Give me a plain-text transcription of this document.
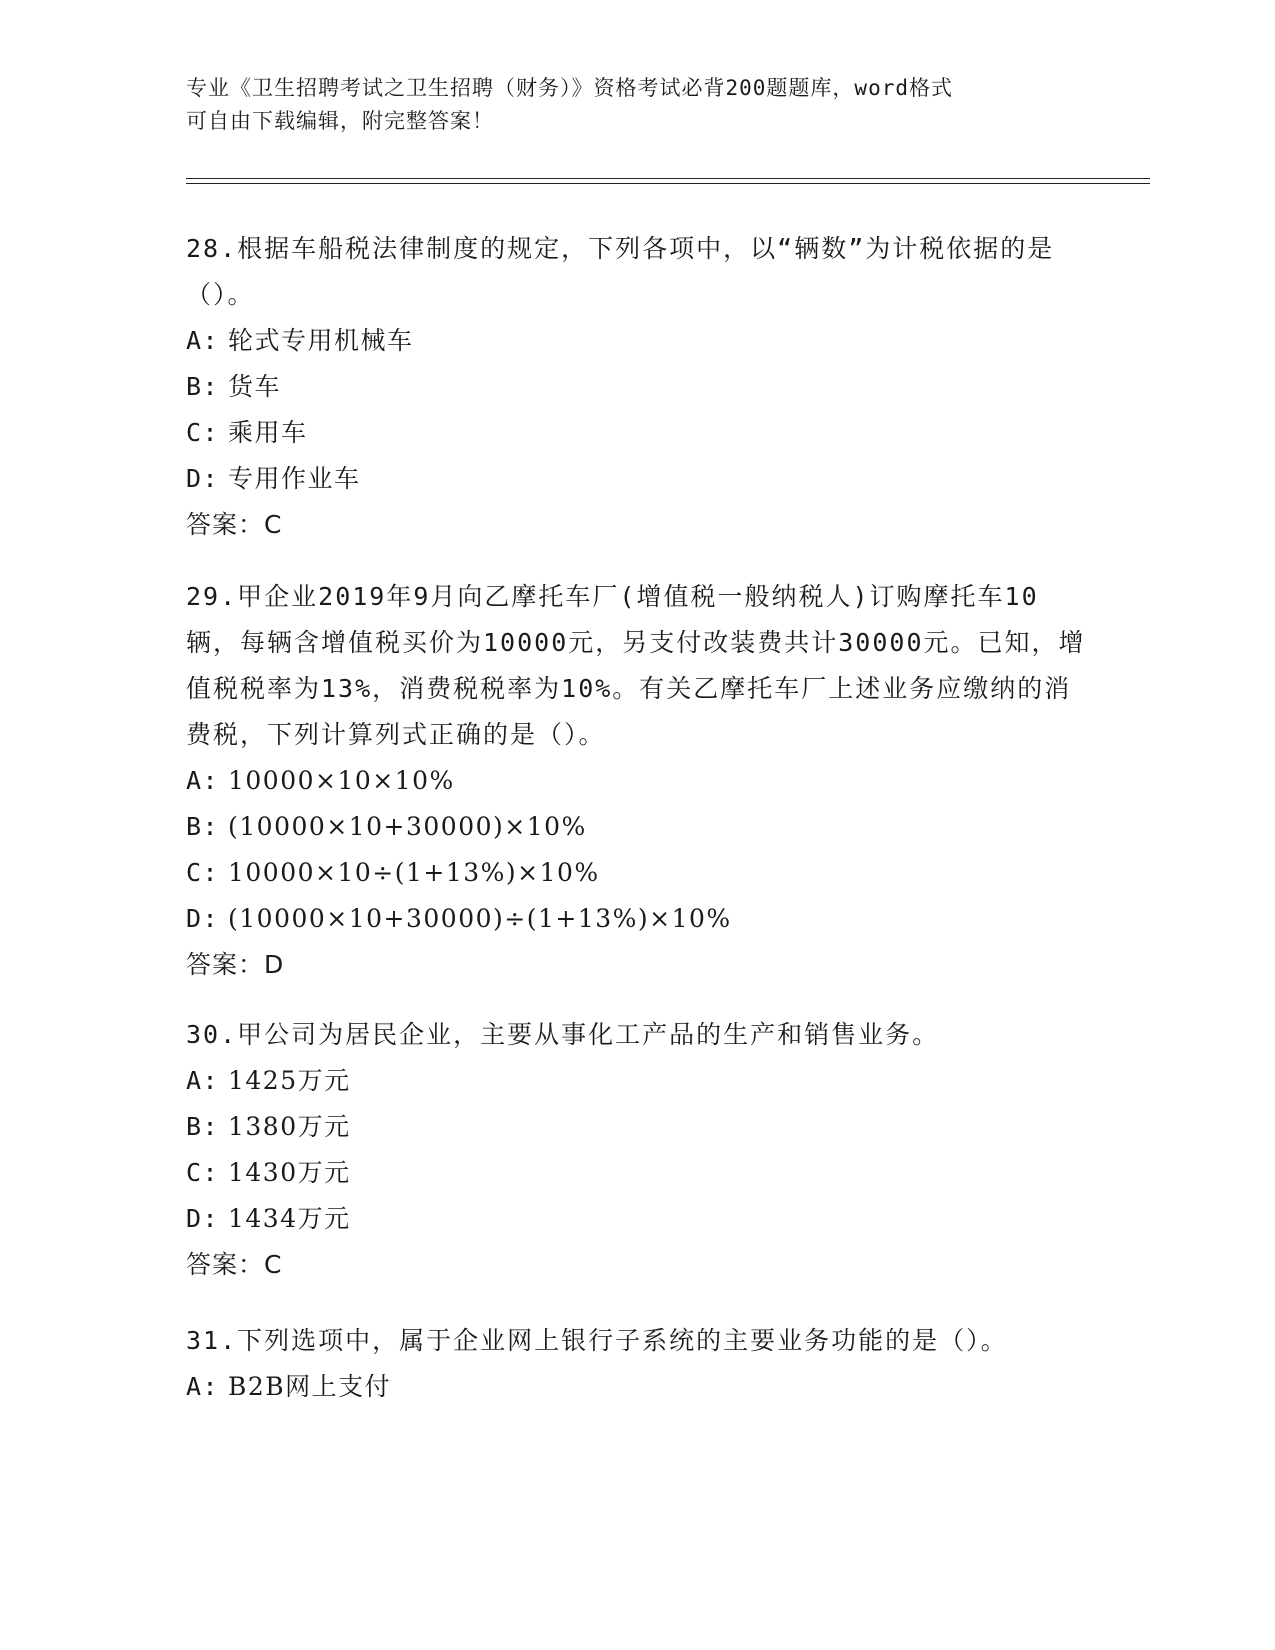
专业《卫生招聘考试之卫生招聘（财务）》资格考试必背200题题库，word格式
可自由下载编辑，附完整答案！
28.根据车船税法律制度的规定，下列各项中，以“辆数”为计税依据的是（）。
A: 轮式专用机械车
B: 货车
C: 乘用车
D: 专用作业车
答案：C
29.甲企业2019年9月向乙摩托车厂(增值税一般纳税人)订购摩托车10辆，每辆含增值税买价为10000元，另支付改装费共计30000元。已知，增值税税率为13%，消费税税率为10%。有关乙摩托车厂上述业务应缴纳的消费税，下列计算列式正确的是（）。
A: 10000×10×10%
B: (10000×10+30000)×10%
C: 10000×10÷(1+13%)×10%
D: (10000×10+30000)÷(1+13%)×10%
答案：D
30.甲公司为居民企业，主要从事化工产品的生产和销售业务。
A: 1425万元
B: 1380万元
C: 1430万元
D: 1434万元
答案：C
31.下列选项中，属于企业网上银行子系统的主要业务功能的是（）。
A: B2B网上支付
